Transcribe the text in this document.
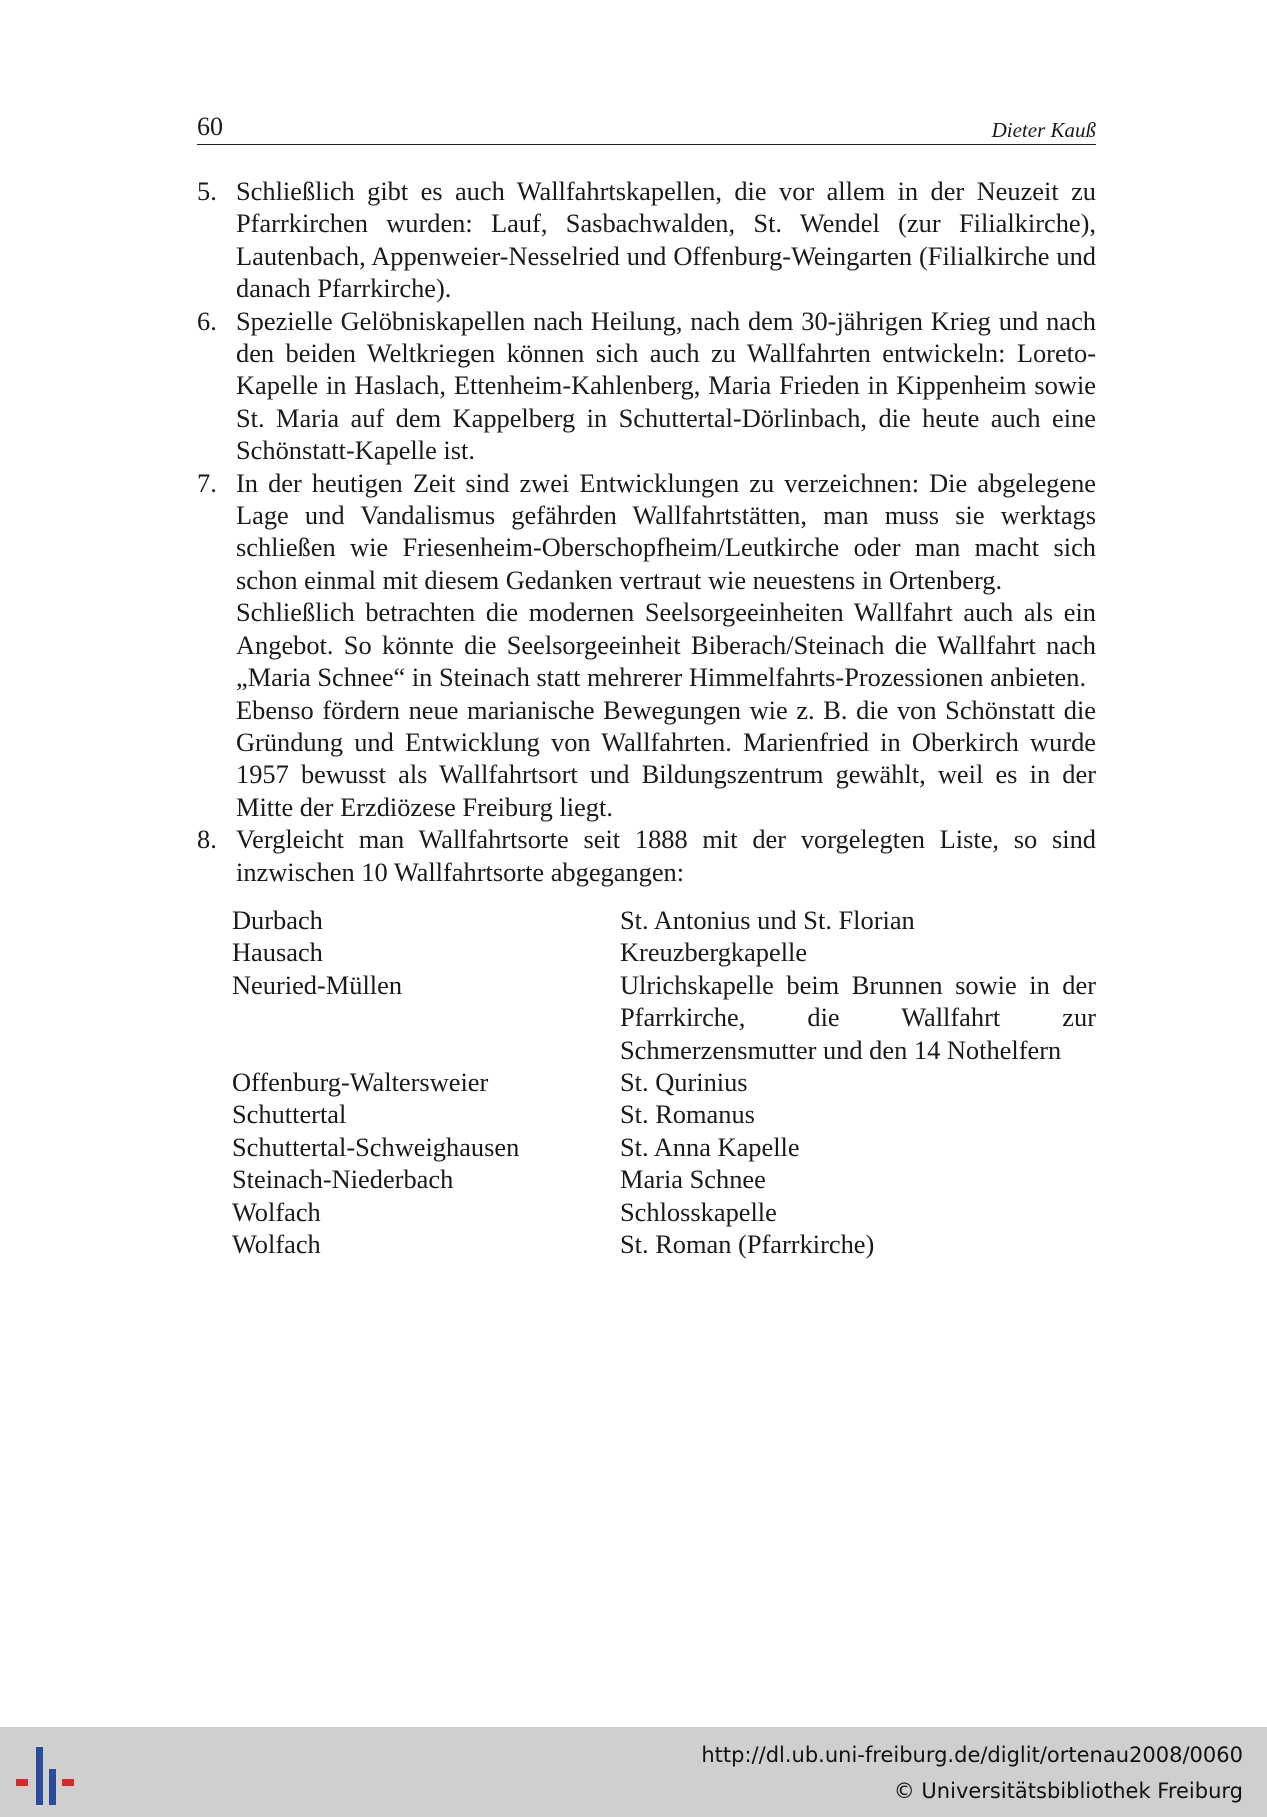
60	Dieter Kauß
5. Schließlich gibt es auch Wallfahrtskapellen, die vor allem in der Neuzeit zu Pfarrkirchen wurden: Lauf, Sasbachwalden, St. Wendel (zur Filialkirche), Lautenbach, Appenweier-Nesselried und Offenburg-Weingarten (Filialkirche und danach Pfarrkirche).

6. Spezielle Gelöbniskapellen nach Heilung, nach dem 30-jährigen Krieg und nach den beiden Weltkriegen können sich auch zu Wallfahrten entwickeln: Loreto-Kapelle in Haslach, Ettenheim-Kahlenberg, Maria Frieden in Kippenheim sowie St. Maria auf dem Kappelberg in Schuttertal-Dörlinbach, die heute auch eine Schönstatt-Kapelle ist.

7. In der heutigen Zeit sind zwei Entwicklungen zu verzeichnen: Die abgelegene Lage und Vandalismus gefährden Wallfahrtstätten, man muss sie werktags schließen wie Friesenheim-Oberschopfheim/Leutkirche oder man macht sich schon einmal mit diesem Gedanken vertraut wie neuestens in Ortenberg.

Schließlich betrachten die modernen Seelsorgeeinheiten Wallfahrt auch als ein Angebot. So könnte die Seelsorgeeinheit Biberach/Steinach die Wallfahrt nach „Maria Schnee“ in Steinach statt mehrerer Himmelfahrts-Prozessionen anbieten.

Ebenso fördern neue marianische Bewegungen wie z. B. die von Schönstatt die Gründung und Entwicklung von Wallfahrten. Marienfried in Oberkirch wurde 1957 bewusst als Wallfahrtsort und Bildungszentrum gewählt, weil es in der Mitte der Erzdiözese Freiburg liegt.

8. Vergleicht man Wallfahrtsorte seit 1888 mit der vorgelegten Liste, so sind inzwischen 10 Wallfahrtsorte abgegangen:

Durbach	St. Antonius und St. Florian
Hausach	Kreuzbergkapelle
Neuried-Müllen	Ulrichskapelle beim Brunnen sowie in der Pfarrkirche, die Wallfahrt zur Schmerzensmutter und den 14 Nothelfern
Offenburg-Waltersweier	St. Qurinius
Schuttertal	St. Romanus
Schuttertal-Schweighausen	St. Anna Kapelle
Steinach-Niederbach	Maria Schnee
Wolfach	Schlosskapelle
Wolfach	St. Roman (Pfarrkirche)
http://dl.ub.uni-freiburg.de/diglit/ortenau2008/0060
© Universitätsbibliothek Freiburg
